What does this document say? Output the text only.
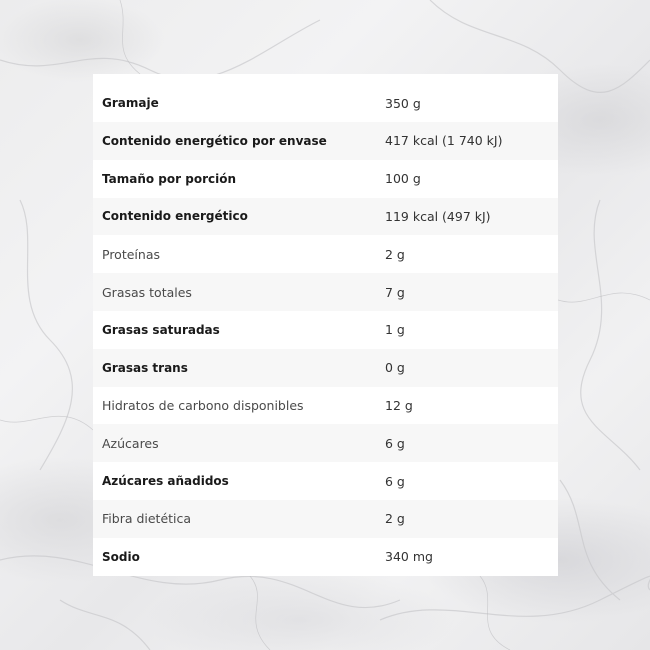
Gramaje	350 g
Contenido energético por envase	417 kcal (1 740 kJ)
Tamaño por porción	100 g
Contenido energético	119 kcal (497 kJ)
Proteínas	2 g
Grasas totales	7 g
Grasas saturadas	1 g
Grasas trans	0 g
Hidratos de carbono disponibles	12 g
Azúcares	6 g
Azúcares añadidos	6 g
Fibra dietética	2 g
Sodio	340 mg
